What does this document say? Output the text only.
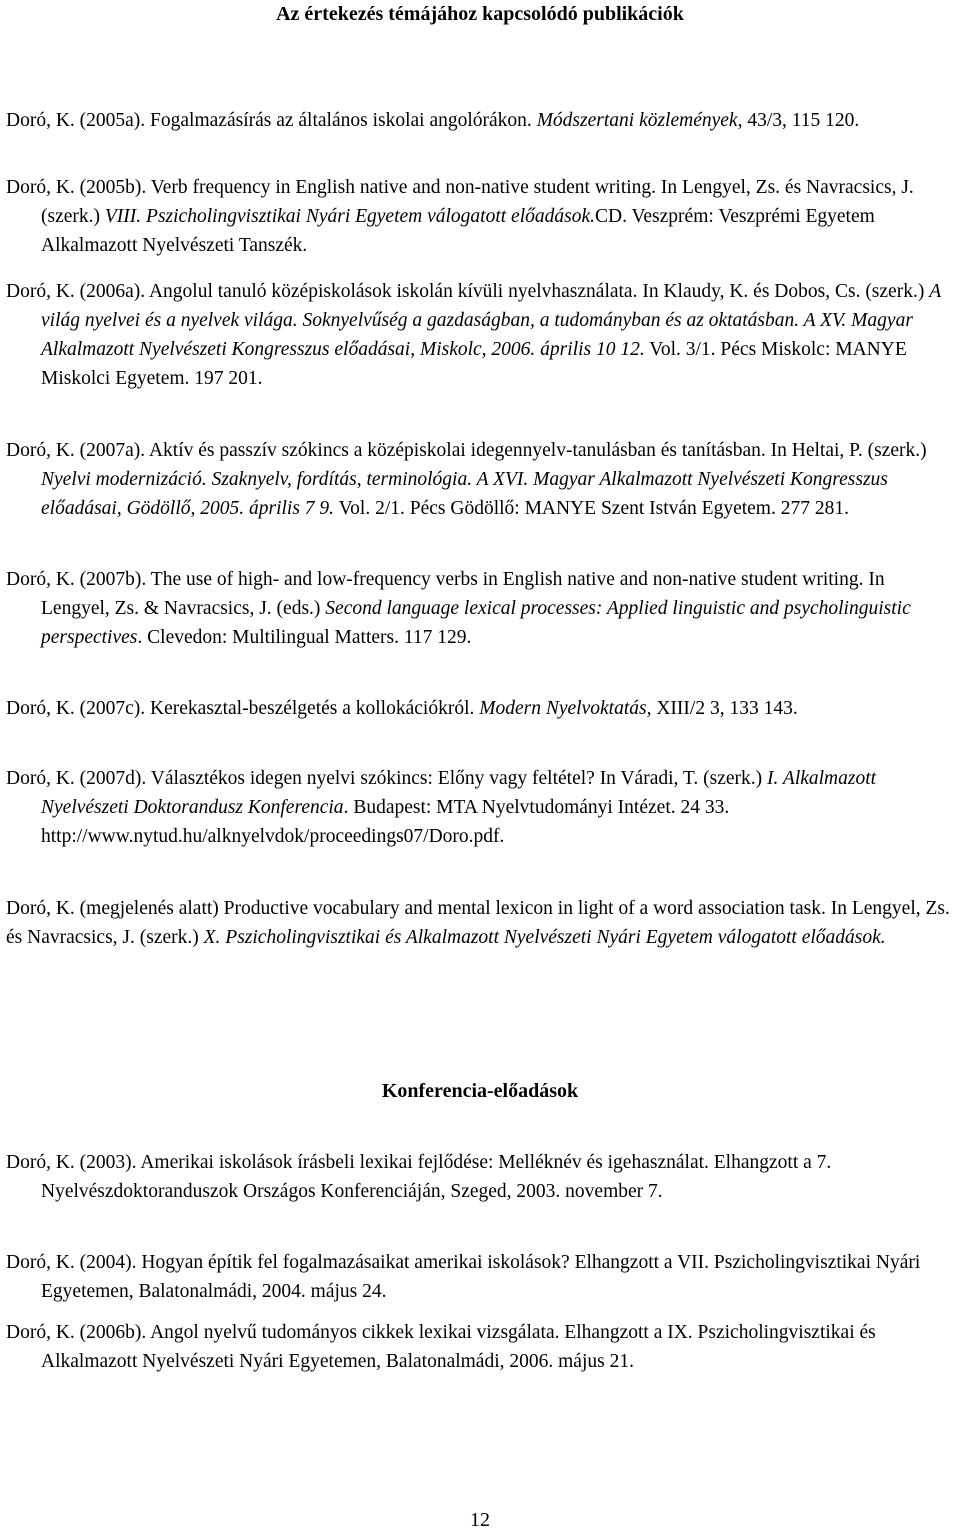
Az értekezés témájához kapcsolódó publikációk
Doró, K. (2005a). Fogalmazásírás az általános iskolai angolórákon. Módszertani közlemények, 43/3, 115 120.
Doró, K. (2005b). Verb frequency in English native and non-native student writing. In Lengyel, Zs. és Navracsics, J. (szerk.) VIII. Pszicholingvisztikai Nyári Egyetem válogatott előadások.CD. Veszprém: Veszprémi Egyetem Alkalmazott Nyelvészeti Tanszék.
Doró, K. (2006a). Angolul tanuló középiskolások iskolán kívüli nyelvhasználata. In Klaudy, K. és Dobos, Cs. (szerk.) A világ nyelvei és a nyelvek világa. Soknyelvűség a gazdaságban, a tudományban és az oktatásban. A XV. Magyar Alkalmazott Nyelvészeti Kongresszus előadásai, Miskolc, 2006. április 10 12. Vol. 3/1. Pécs Miskolc: MANYE Miskolci Egyetem. 197 201.
Doró, K. (2007a). Aktív és passzív szókincs a középiskolai idegennyelv-tanulásban és tanításban. In Heltai, P. (szerk.) Nyelvi modernizáció. Szaknyelv, fordítás, terminológia. A XVI. Magyar Alkalmazott Nyelvészeti Kongresszus előadásai, Gödöllő, 2005. április 7 9. Vol. 2/1. Pécs Gödöllő: MANYE Szent István Egyetem. 277 281.
Doró, K. (2007b). The use of high- and low-frequency verbs in English native and non-native student writing. In Lengyel, Zs. & Navracsics, J. (eds.) Second language lexical processes: Applied linguistic and psycholinguistic perspectives. Clevedon: Multilingual Matters. 117 129.
Doró, K. (2007c). Kerekasztal-beszélgetés a kollokációkról. Modern Nyelvoktatás, XIII/2 3, 133 143.
Doró, K. (2007d). Választékos idegen nyelvi szókincs: Előny vagy feltétel? In Váradi, T. (szerk.) I. Alkalmazott Nyelvészeti Doktorandusz Konferencia. Budapest: MTA Nyelvtudományi Intézet. 24 33. http://www.nytud.hu/alknyelvdok/proceedings07/Doro.pdf.
Doró, K. (megjelenés alatt) Productive vocabulary and mental lexicon in light of a word association task. In Lengyel, Zs. és Navracsics, J. (szerk.) X. Pszicholingvisztikai és Alkalmazott Nyelvészeti Nyári Egyetem válogatott előadások.
Konferencia-előadások
Doró, K. (2003). Amerikai iskolások írásbeli lexikai fejlődése: Melléknév és igehasználat. Elhangzott a 7. Nyelvészdoktoranduszok Országos Konferenciáján, Szeged, 2003. november 7.
Doró, K. (2004). Hogyan építik fel fogalmazásaikat amerikai iskolások? Elhangzott a VII. Pszicholingvisztikai Nyári Egyetemen, Balatonalmádi, 2004. május 24.
Doró, K. (2006b). Angol nyelvű tudományos cikkek lexikai vizsgálata. Elhangzott a IX. Pszicholingvisztikai és Alkalmazott Nyelvészeti Nyári Egyetemen, Balatonalmádi, 2006. május 21.
12
